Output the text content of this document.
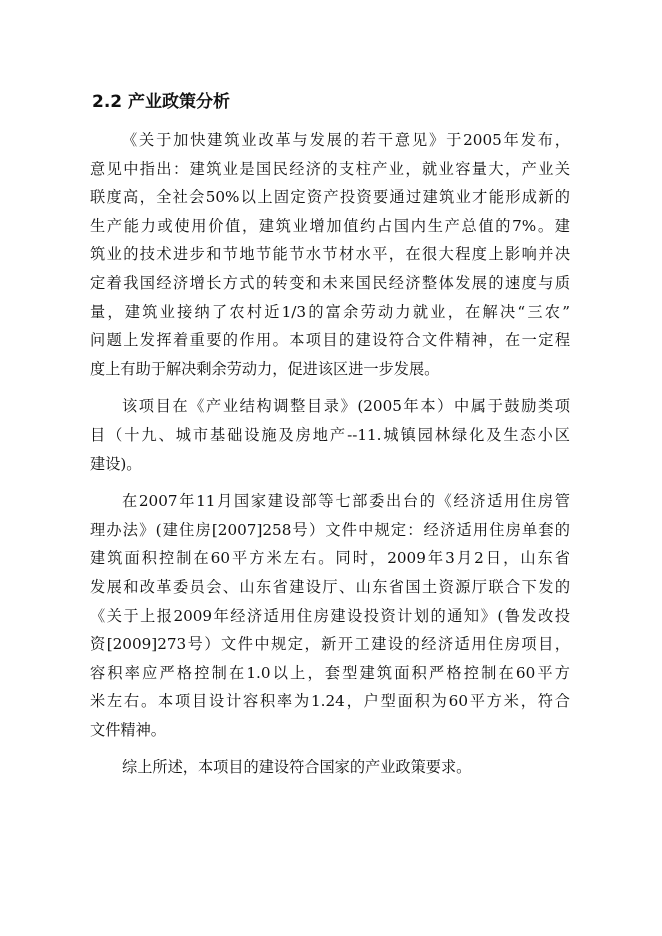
2.2 产业政策分析
《关于加快建筑业改革与发展的若干意见》于2005年发布，
意见中指出：建筑业是国民经济的支柱产业，就业容量大，产业关
联度高，全社会50%以上固定资产投资要通过建筑业才能形成新的
生产能力或使用价值，建筑业增加值约占国内生产总值的7%。建
筑业的技术进步和节地节能节水节材水平，在很大程度上影响并决
定着我国经济增长方式的转变和未来国民经济整体发展的速度与质
量，建筑业接纳了农村近1/3的富余劳动力就业，在解决“三农”
问题上发挥着重要的作用。本项目的建设符合文件精神，在一定程
度上有助于解决剩余劳动力，促进该区进一步发展。
该项目在《产业结构调整目录》(2005年本）中属于鼓励类项
目（十九、城市基础设施及房地产--11.城镇园林绿化及生态小区
建设)。
在2007年11月国家建设部等七部委出台的《经济适用住房管
理办法》(建住房[2007]258号）文件中规定：经济适用住房单套的
建筑面积控制在60平方米左右。同时，2009年3月2日，山东省
发展和改革委员会、山东省建设厅、山东省国土资源厅联合下发的
《关于上报2009年经济适用住房建设投资计划的通知》(鲁发改投
资[2009]273号）文件中规定，新开工建设的经济适用住房项目，
容积率应严格控制在1.0以上，套型建筑面积严格控制在60平方
米左右。本项目设计容积率为1.24，户型面积为60平方米，符合
文件精神。
综上所述，本项目的建设符合国家的产业政策要求。
